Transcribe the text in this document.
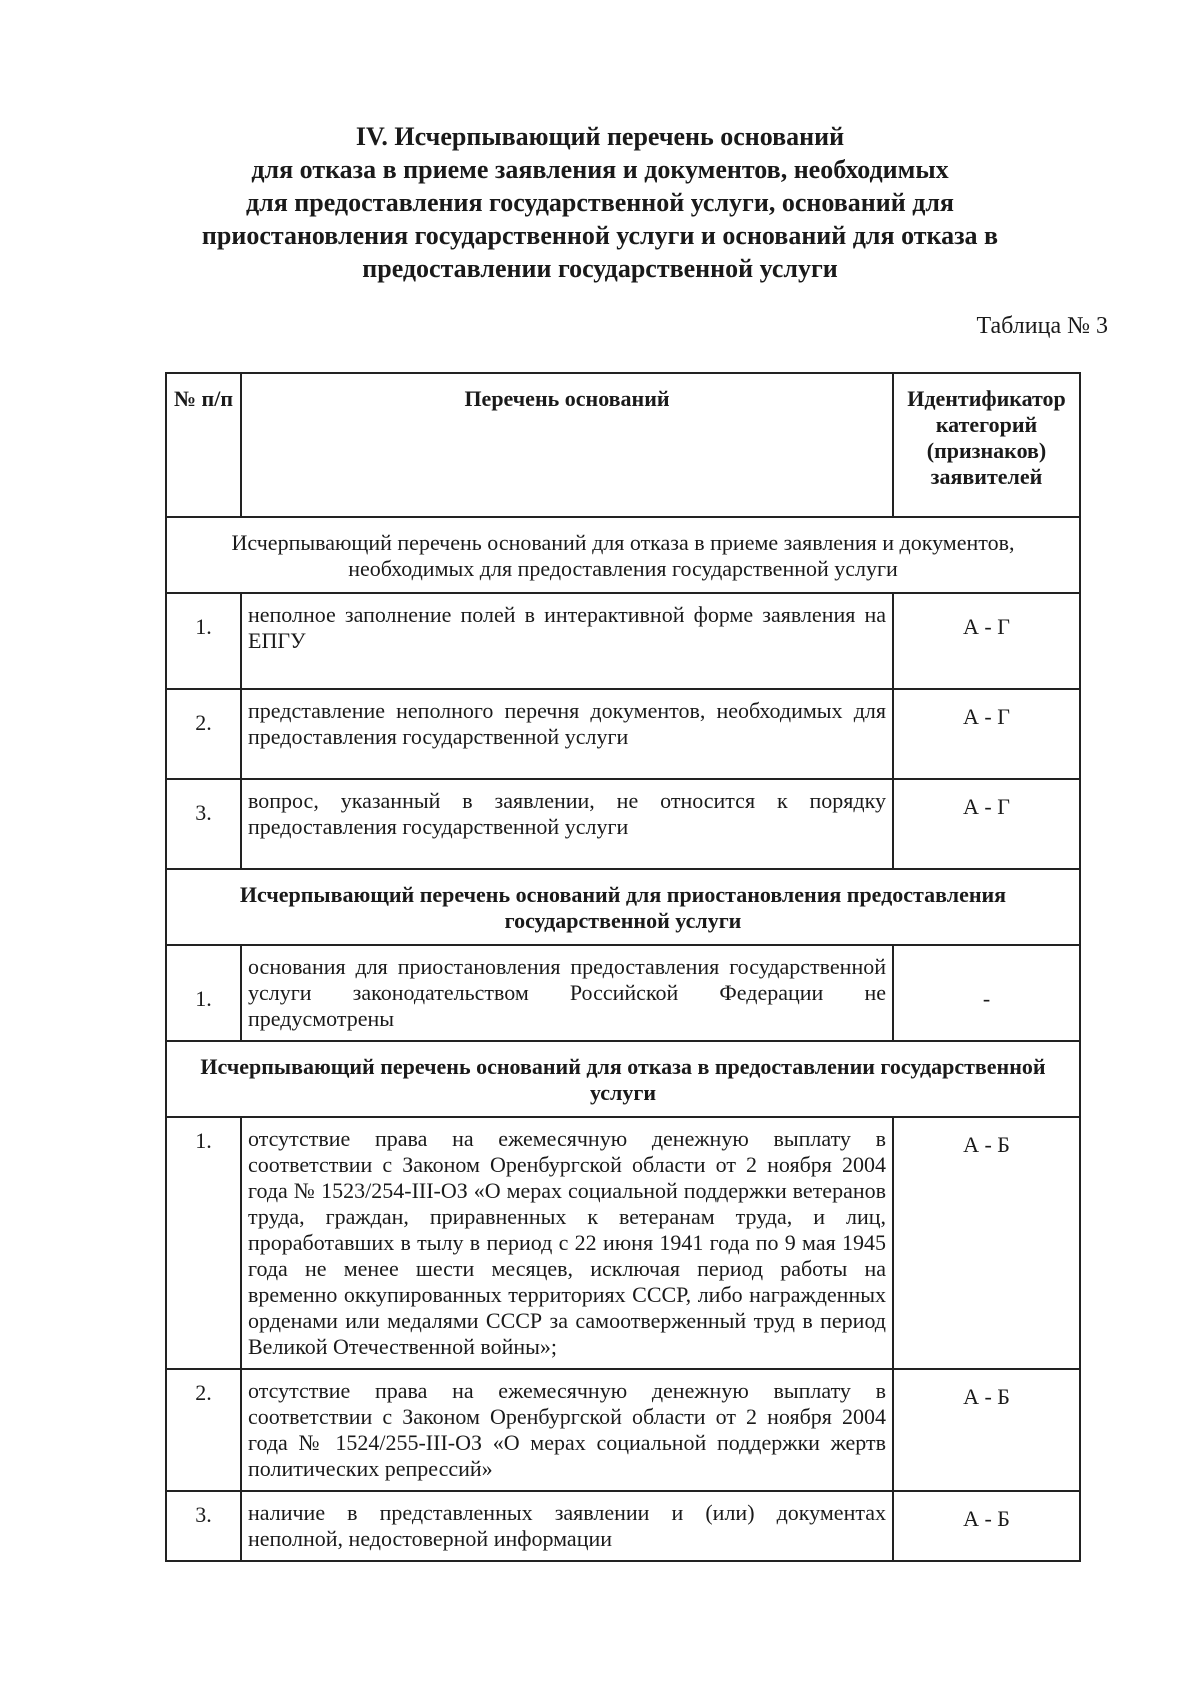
IV. Исчерпывающий перечень оснований
для отказа в приеме заявления и документов, необходимых
для предоставления государственной услуги, оснований для
приостановления государственной услуги и оснований для отказа в
предоставлении государственной услуги
Таблица № 3
№ п/п	Перечень оснований	Идентификатор категорий (признаков) заявителей
Исчерпывающий перечень оснований для отказа в приеме заявления и документов, необходимых для предоставления государственной услуги		
1.	неполное заполнение полей в интерактивной форме заявления на ЕПГУ	А - Г
2.	представление неполного перечня документов, необходимых для предоставления государственной услуги	А - Г
3.	вопрос, указанный в заявлении, не относится к порядку предоставления государственной услуги	А - Г
Исчерпывающий перечень оснований для приостановления предоставления государственной услуги		
1.	основания для приостановления предоставления государственной услуги законодательством Российской Федерации не предусмотрены	-
Исчерпывающий перечень оснований для отказа в предоставлении государственной услуги		
1.	отсутствие права на ежемесячную денежную выплату в соответствии с Законом Оренбургской области от 2 ноября 2004 года № 1523/254-III-ОЗ «О мерах социальной поддержки ветеранов труда, граждан, приравненных к ветеранам труда, и лиц, проработавших в тылу в период с 22 июня 1941 года по 9 мая 1945 года не менее шести месяцев, исключая период работы на временно оккупированных территориях СССР, либо награжденных орденами или медалями СССР за самоотверженный труд в период Великой Отечественной войны»;	А - Б
2.	отсутствие права на ежемесячную денежную выплату в соответствии с Законом Оренбургской области от 2 ноября 2004 года № 1524/255-III-ОЗ «О мерах социальной поддержки жертв политических репрессий»	А - Б
3.	наличие в представленных заявлении и (или) документах неполной, недостоверной информации	А - Б
